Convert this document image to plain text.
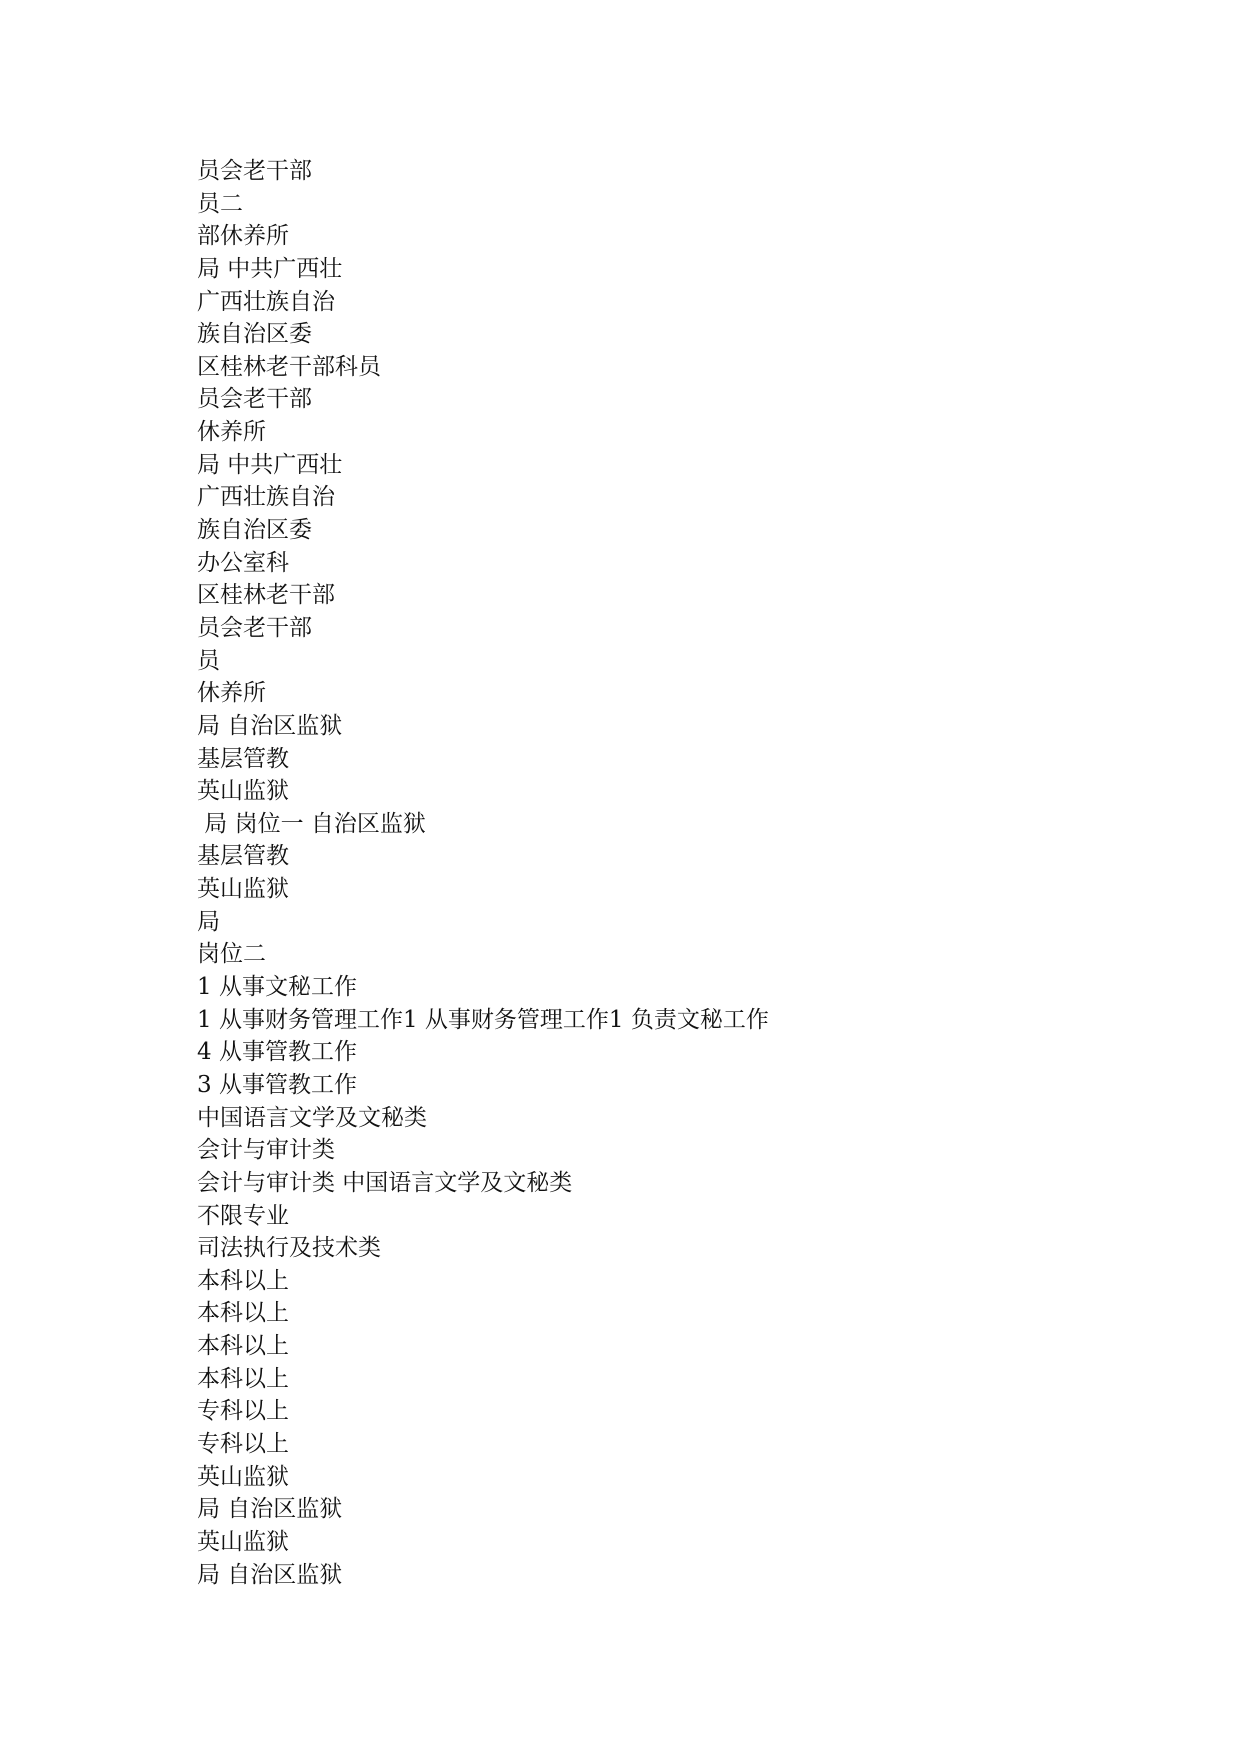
员会老干部
员二
部休养所
局 中共广西壮
广西壮族自治
族自治区委
区桂林老干部科员
员会老干部
休养所
局 中共广西壮
广西壮族自治
族自治区委
办公室科
区桂林老干部
员会老干部
员
休养所
局 自治区监狱
基层管教
英山监狱
局 岗位一 自治区监狱
基层管教
英山监狱
局
岗位二
1 从事文秘工作
1 从事财务管理工作1 从事财务管理工作1 负责文秘工作
4 从事管教工作
3 从事管教工作
中国语言文学及文秘类
会计与审计类
会计与审计类 中国语言文学及文秘类
不限专业
司法执行及技术类
本科以上
本科以上
本科以上
本科以上
专科以上
专科以上
英山监狱
局 自治区监狱
英山监狱
局 自治区监狱
